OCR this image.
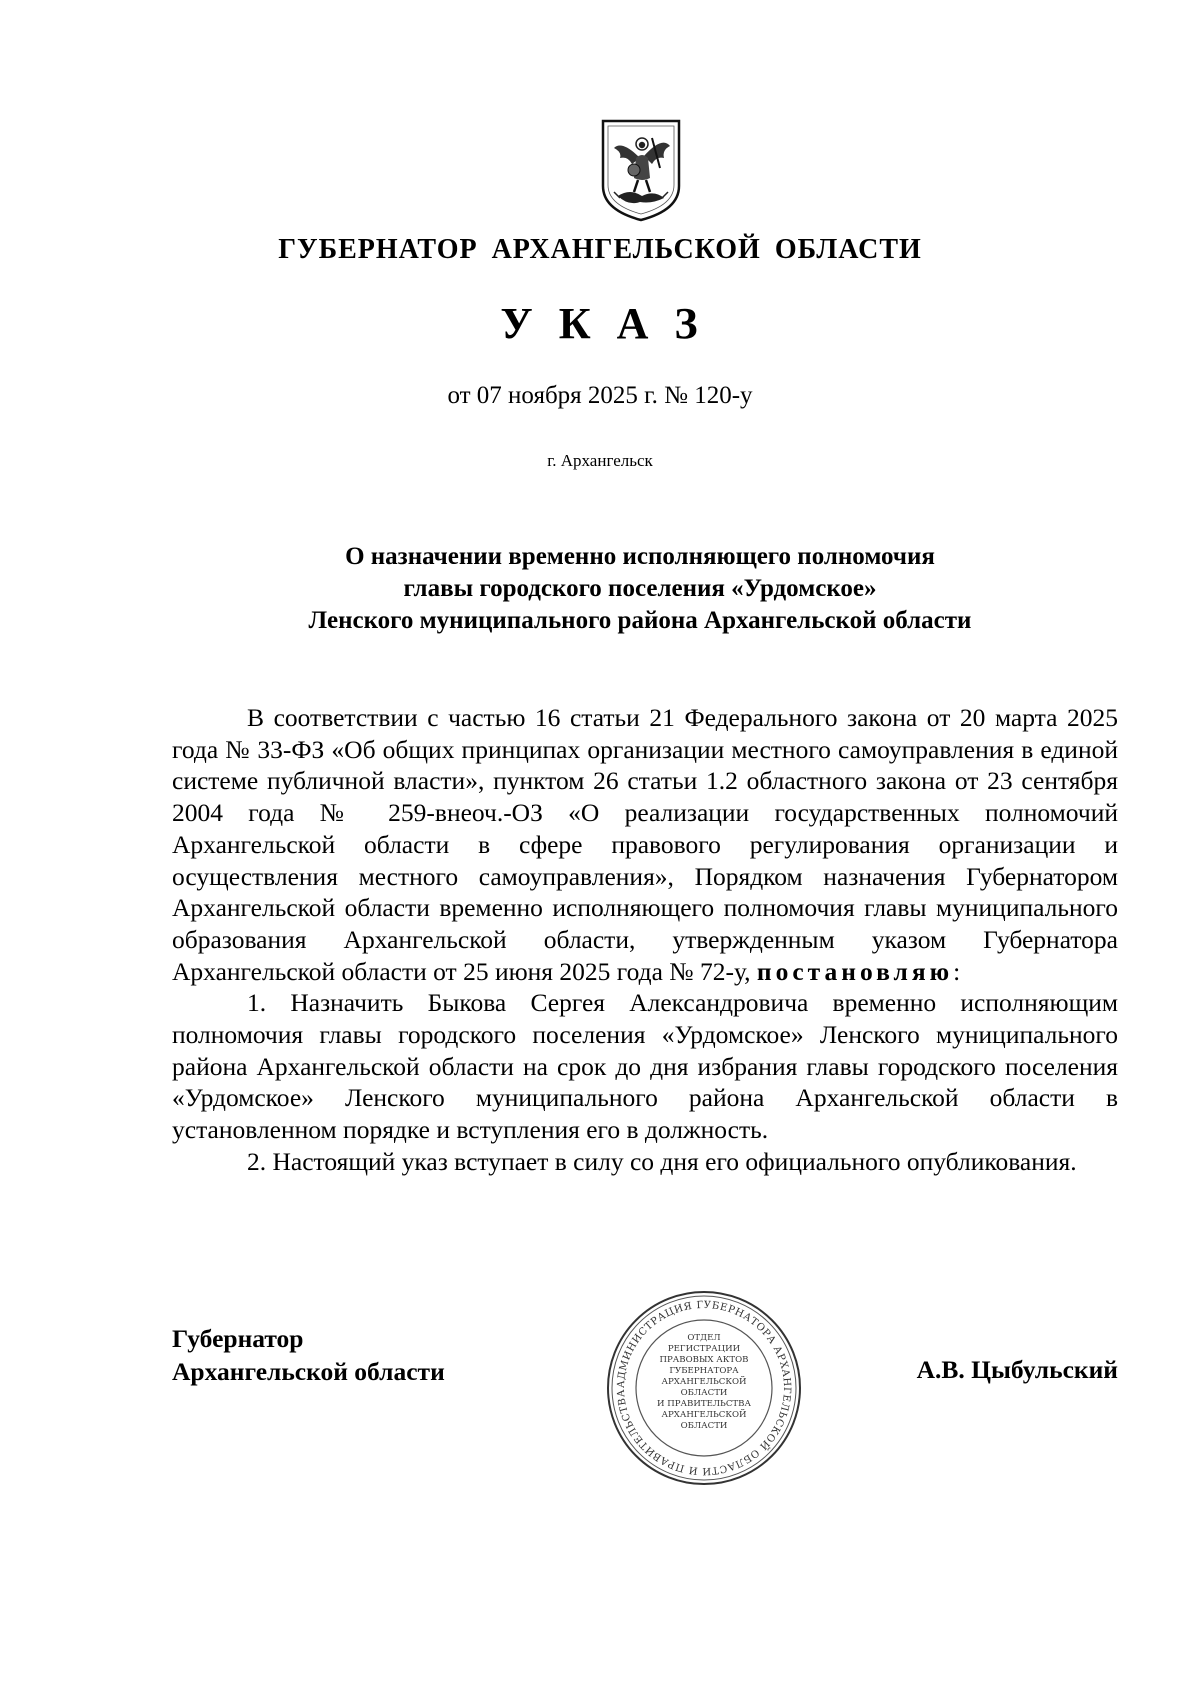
ГУБЕРНАТОР АРХАНГЕЛЬСКОЙ ОБЛАСТИ
У К А З
от 07 ноября 2025 г. № 120-у
г. Архангельск
О назначении временно исполняющего полномочия
главы городского поселения «Урдомское»
Ленского муниципального района Архангельской области

В соответствии с частью 16 статьи 21 Федерального закона от 20 марта 2025 года № 33-ФЗ «Об общих принципах организации местного самоуправления в единой системе публичной власти», пунктом 26 статьи 1.2 областного закона от 23 сентября 2004 года № 259-внеоч.-ОЗ «О реализации государственных полномочий Архангельской области в сфере правового регулирования организации и осуществления местного самоуправления», Порядком назначения Губернатором Архангельской области временно исполняющего полномочия главы муниципального образования Архангельской области, утвержденным указом Губернатора Архангельской области от 25 июня 2025 года № 72-у, постановляю:

1. Назначить Быкова Сергея Александровича временно исполняющим полномочия главы городского поселения «Урдомское» Ленского муниципального района Архангельской области на срок до дня избрания главы городского поселения «Урдомское» Ленского муниципального района Архангельской области в установленном порядке и вступления его в должность.

2. Настоящий указ вступает в силу со дня его официального опубликования.

Губернатор
Архангельской области	АДМИНИСТРАЦИЯ ГУБЕРНАТОРА АРХАНГЕЛЬСКОЙ ОБЛАСТИ И ПРАВИТЕЛЬСТВА
ОТДЕЛ
РЕГИСТРАЦИИ
ПРАВОВЫХ АКТОВ
ГУБЕРНАТОРА
АРХАНГЕЛЬСКОЙ
ОБЛАСТИ
И ПРАВИТЕЛЬСТВА
АРХАНГЕЛЬСКОЙ
ОБЛАСТИ
А.В. Цыбульский
